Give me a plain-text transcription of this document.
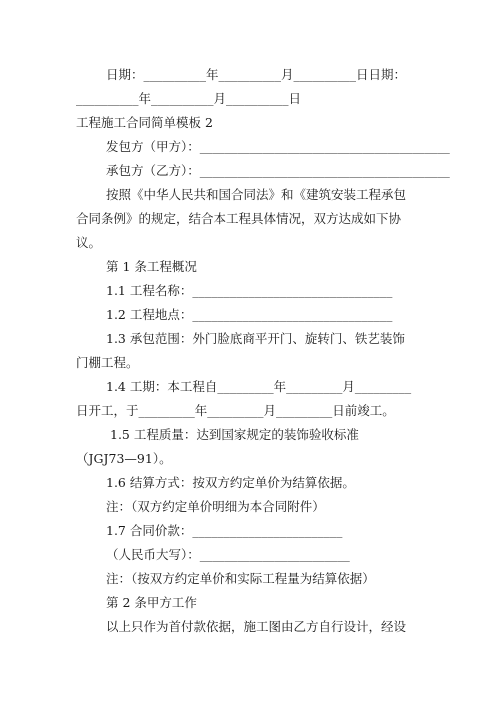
日期：__________年__________月__________日日期：
__________年__________月__________日
工程施工合同简单模板 2
发包方（甲方）：________________________________________
承包方（乙方）：________________________________________
按照《中华人民共和国合同法》和《建筑安装工程承包
合同条例》的规定，结合本工程具体情况，双方达成如下协
议。
第 1 条工程概况
1.1 工程名称：________________________________
1.2 工程地点：________________________________
1.3 承包范围：外门脸底商平开门、旋转门、铁艺装饰
门棚工程。
1.4 工期：本工程自_________年_________月_________
日开工，于_________年_________月_________日前竣工。
1.5 工程质量：达到国家规定的装饰验收标准
（JGJ73—91）。
1.6 结算方式：按双方约定单价为结算依据。
注：（双方约定单价明细为本合同附件）
1.7 合同价款：________________________
（人民币大写）：________________________
注：（按双方约定单价和实际工程量为结算依据）
第 2 条甲方工作
以上只作为首付款依据，施工图由乙方自行设计，经设
